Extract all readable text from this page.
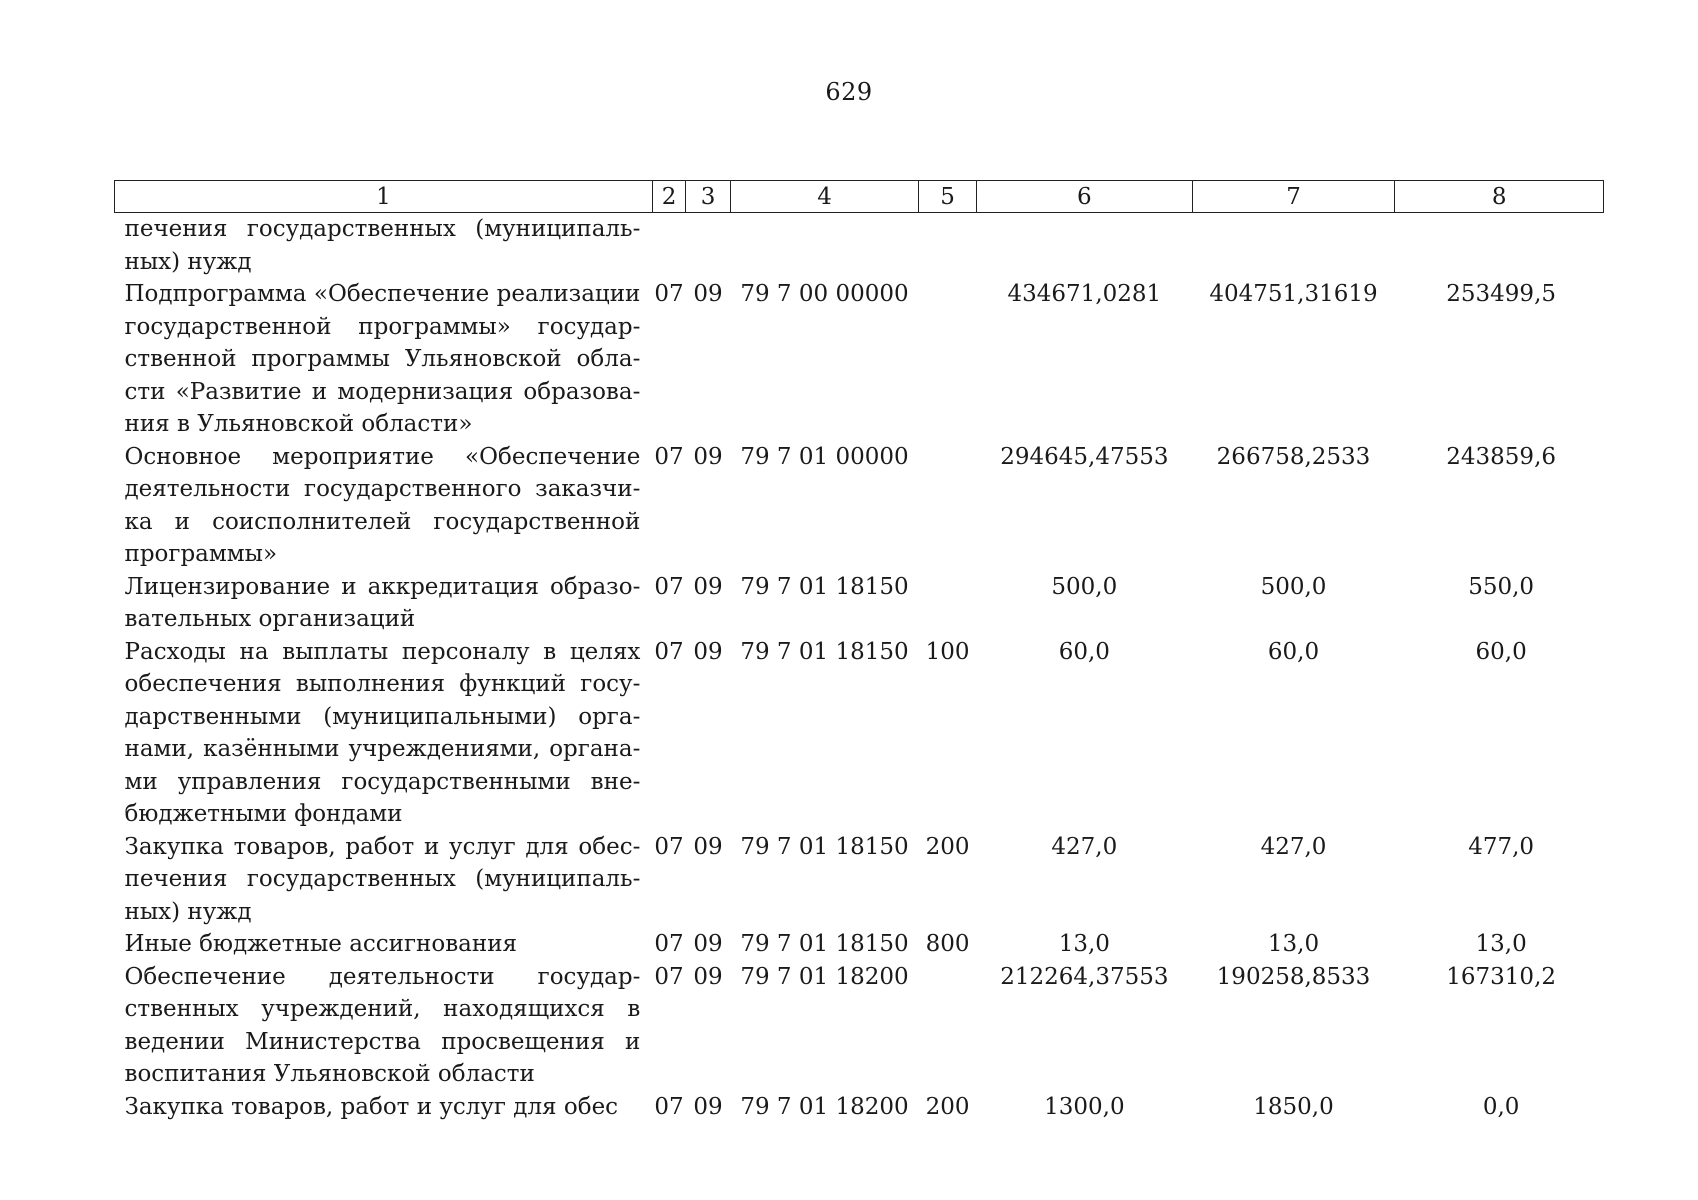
629
1	2	3	4	5	6	7	8
печения государственных (муниципальных) нужд							
Подпрограмма «Обеспечение реализации государственной программы» государственной программы Ульяновской области «Развитие и модернизация образования в Ульяновской области»	07	09	79 7 00 00000		434671,0281	404751,31619	253499,5
Основное мероприятие «Обеспечение деятельности государственного заказчика и соисполнителей государственной программы»	07	09	79 7 01 00000		294645,47553	266758,2533	243859,6
Лицензирование и аккредитация образовательных организаций	07	09	79 7 01 18150		500,0	500,0	550,0
Расходы на выплаты персоналу в целях обеспечения выполнения функций государственными (муниципальными) органами, казёнными учреждениями, органами управления государственными внебюджетными фондами	07	09	79 7 01 18150	100	60,0	60,0	60,0
Закупка товаров, работ и услуг для обеспечения государственных (муниципальных) нужд	07	09	79 7 01 18150	200	427,0	427,0	477,0
Иные бюджетные ассигнования	07	09	79 7 01 18150	800	13,0	13,0	13,0
Обеспечение деятельности государственных учреждений, находящихся в ведении Министерства просвещения и воспитания Ульяновской области	07	09	79 7 01 18200		212264,37553	190258,8533	167310,2
Закупка товаров, работ и услуг для обес	07	09	79 7 01 18200	200	1300,0	1850,0	0,0
